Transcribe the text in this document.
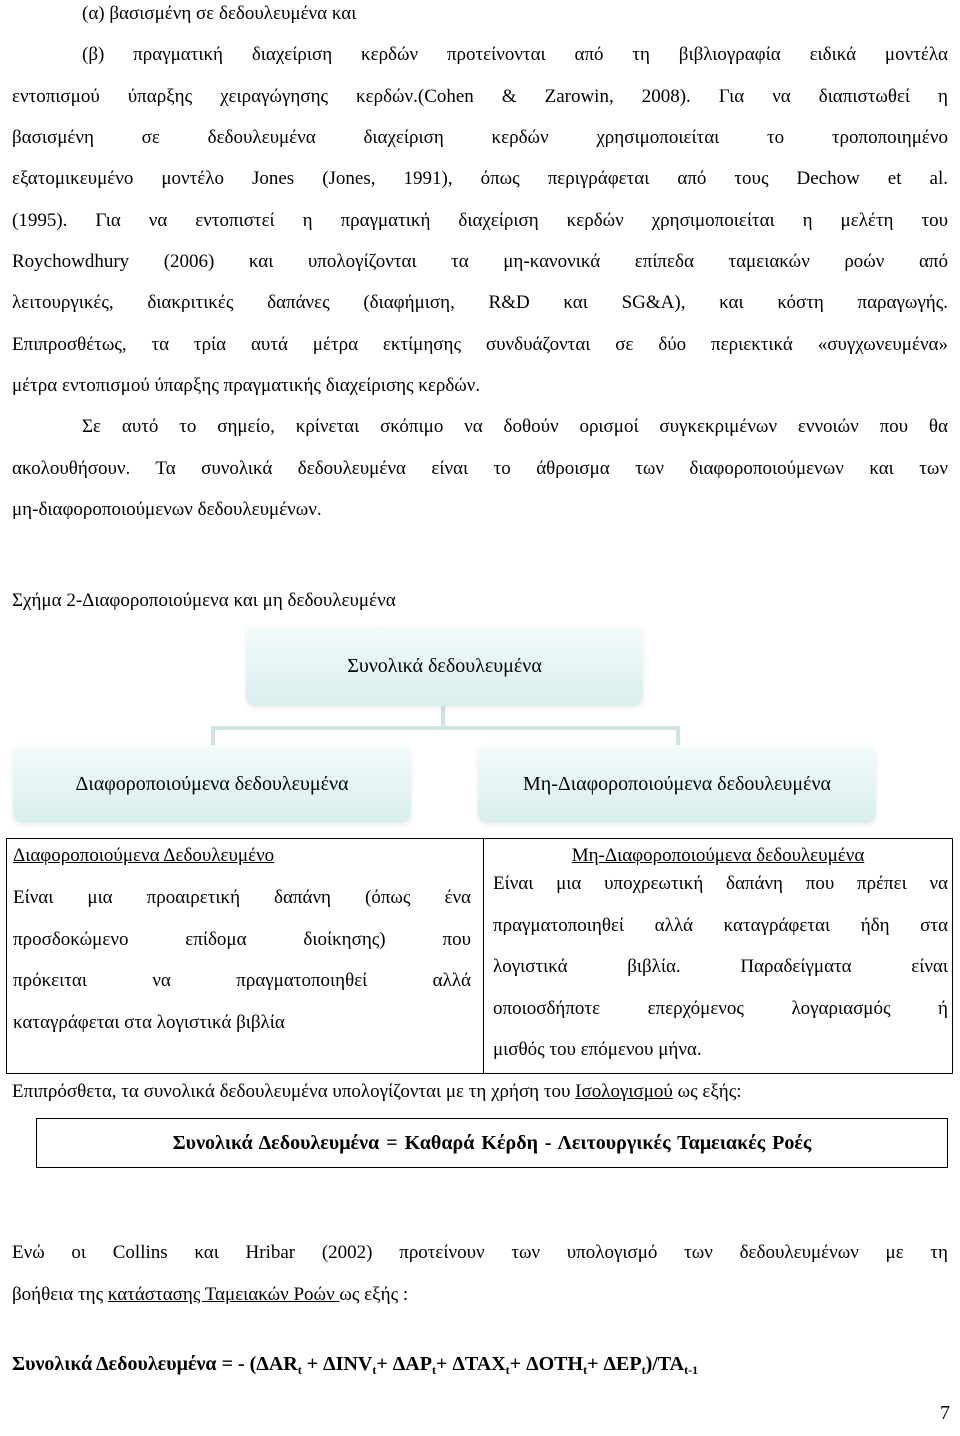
(α) βασισμένη σε δεδουλευμένα και
(β) πραγματική διαχείριση κερδών προτείνονται από τη βιβλιογραφία ειδικά μοντέλα
εντοπισμού ύπαρξης χειραγώγησης κερδών.(Cohen & Zarowin, 2008). Για να διαπιστωθεί η
βασισμένη σε δεδουλευμένα διαχείριση κερδών χρησιμοποιείται το τροποποιημένο
εξατομικευμένο μοντέλο Jones (Jones, 1991), όπως περιγράφεται από τους Dechow et al.
(1995). Για να εντοπιστεί η πραγματική διαχείριση κερδών χρησιμοποιείται η μελέτη του
Roychowdhury (2006) και υπολογίζονται τα μη-κανονικά επίπεδα ταμειακών ροών από
λειτουργικές, διακριτικές δαπάνες (διαφήμιση, R&D και SG&A), και κόστη παραγωγής.
Επιπροσθέτως, τα τρία αυτά μέτρα εκτίμησης συνδυάζονται σε δύο περιεκτικά «συγχωνευμένα»
μέτρα εντοπισμού ύπαρξης πραγματικής διαχείρισης κερδών.
Σε αυτό το σημείο, κρίνεται σκόπιμο να δοθούν ορισμοί συγκεκριμένων εννοιών που θα
ακολουθήσουν. Τα συνολικά δεδουλευμένα είναι το άθροισμα των διαφοροποιούμενων και των
μη-διαφοροποιούμενων δεδουλευμένων.
Σχήμα 2-Διαφοροποιούμενα και μη δεδουλευμένα
Συνολικά δεδουλευμένα
Διαφοροποιούμενα δεδουλευμένα	Μη-Διαφοροποιούμενα δεδουλευμένα
Διαφοροποιούμενα Δεδουλευμένο
Είναι μια προαιρετική δαπάνη (όπως ένα
προσδοκώμενο επίδομα διοίκησης) που
πρόκειται να πραγματοποιηθεί αλλά
καταγράφεται στα λογιστικά βιβλία
Μη-Διαφοροποιούμενα δεδουλευμένα
Είναι μια υποχρεωτική δαπάνη που πρέπει να
πραγματοποιηθεί αλλά καταγράφεται ήδη στα
λογιστικά βιβλία. Παραδείγματα είναι
οποιοσδήποτε επερχόμενος λογαριασμός ή
μισθός του επόμενου μήνα.
Επιπρόσθετα, τα συνολικά δεδουλευμένα υπολογίζονται με τη χρήση του Ισολογισμού ως εξής:
Συνολικά Δεδουλευμένα = Καθαρά Κέρδη - Λειτουργικές Ταμειακές Ροές
Ενώ οι Collins και Hribar (2002) προτείνουν των υπολογισμό των δεδουλευμένων με τη
βοήθεια της κατάστασης Ταμειακών Ροών ως εξής :
Συνολικά Δεδουλευμένα = - $(\Delta AR_t + \Delta INV_t+ \Delta AP_t+ \Delta TAX_t+ \Delta OTH_t+ \Delta EP_t)/TA_{t-1}$
7
